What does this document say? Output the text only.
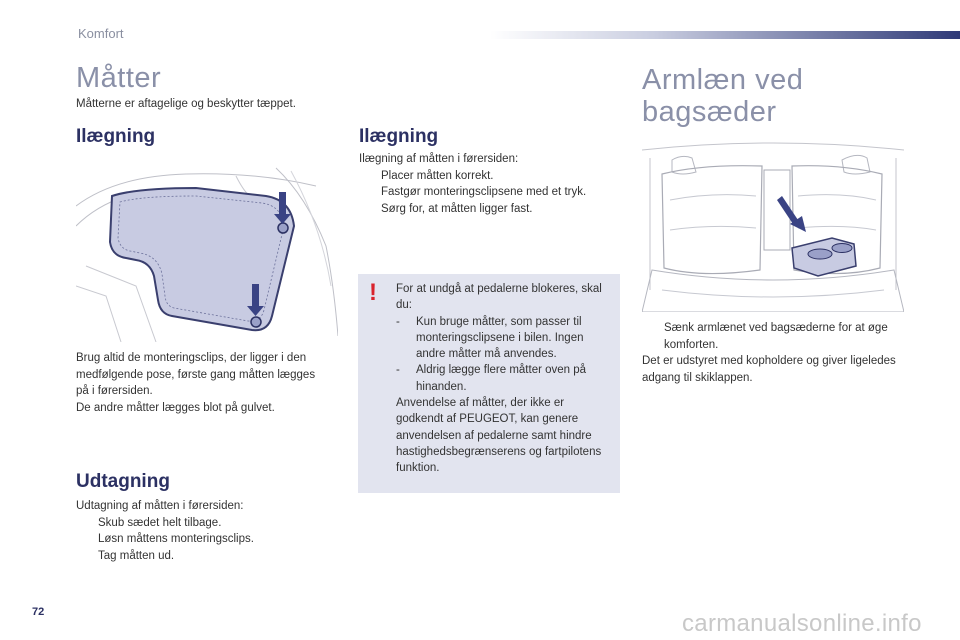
Komfort
Måtter
Måtterne er aftagelige og beskytter tæppet.
Ilægning
Brug altid de monteringsclips, der ligger i den
medfølgende pose, første gang måtten lægges
på i førersiden.
De andre måtter lægges blot på gulvet.
Udtagning
Udtagning af måtten i førersiden:
Skub sædet helt tilbage.
Løsn måttens monteringsclips.
Tag måtten ud.
Ilægning
Ilægning af måtten i førersiden:
Placer måtten korrekt.
Fastgør monteringsclipsene med et tryk.
Sørg for, at måtten ligger fast.
! For at undgå at pedalerne blokeres, skal du:
- Kun bruge måtter, som passer til monteringsclipsene i bilen. Ingen andre måtter må anvendes.
- Aldrig lægge flere måtter oven på hinanden.
Anvendelse af måtter, der ikke er godkendt af PEUGEOT, kan genere anvendelsen af pedalerne samt hindre hastighedsbegrænserens og fartpilotens funktion.
Armlæn ved
bagsæder
Sænk armlænet ved bagsæderne for at øge komforten.
Det er udstyret med kopholdere og giver ligeledes adgang til skiklappen.
72	carmanualsonline.info
